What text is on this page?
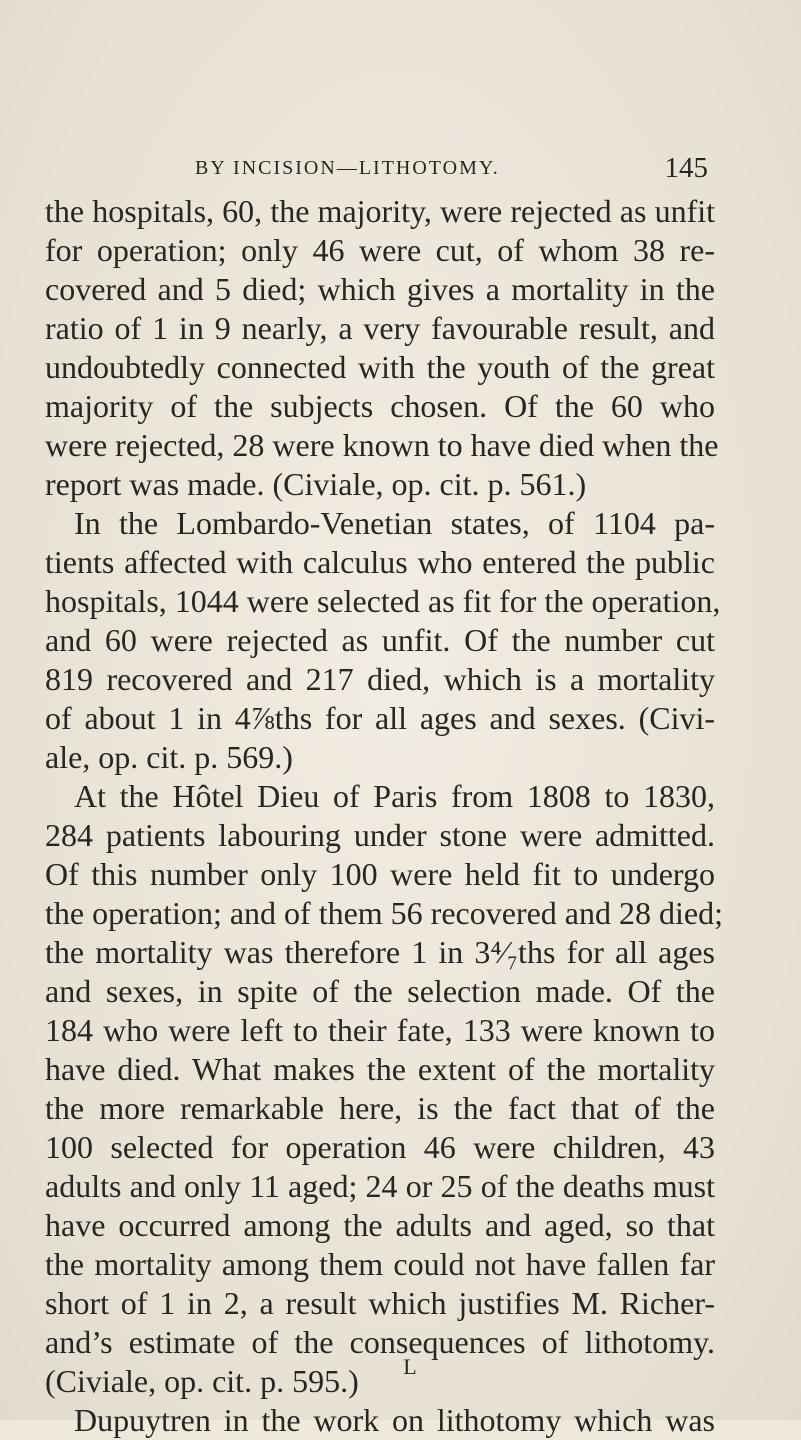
BY INCISION—LITHOTOMY.	145
the hospitals, 60, the majority, were rejected as unfit
for operation; only 46 were cut, of whom 38 re-
covered and 5 died; which gives a mortality in the
ratio of 1 in 9 nearly, a very favourable result, and
undoubtedly connected with the youth of the great
majority of the subjects chosen. Of the 60 who
were rejected, 28 were known to have died when the
report was made. (Civiale, op. cit. p. 561.)
In the Lombardo-Venetian states, of 1104 pa-
tients affected with calculus who entered the public
hospitals, 1044 were selected as fit for the operation,
and 60 were rejected as unfit. Of the number cut
819 recovered and 217 died, which is a mortality
of about 1 in 4⅞ths for all ages and sexes. (Civi-
ale, op. cit. p. 569.)
At the Hôtel Dieu of Paris from 1808 to 1830,
284 patients labouring under stone were admitted.
Of this number only 100 were held fit to undergo
the operation; and of them 56 recovered and 28 died;
the mortality was therefore 1 in 3⁴⁄₇ths for all ages
and sexes, in spite of the selection made. Of the
184 who were left to their fate, 133 were known to
have died. What makes the extent of the mortality
the more remarkable here, is the fact that of the
100 selected for operation 46 were children, 43
adults and only 11 aged; 24 or 25 of the deaths must
have occurred among the adults and aged, so that
the mortality among them could not have fallen far
short of 1 in 2, a result which justifies M. Richer-
and’s estimate of the consequences of lithotomy.
(Civiale, op. cit. p. 595.)
Dupuytren in the work on lithotomy which was
L
